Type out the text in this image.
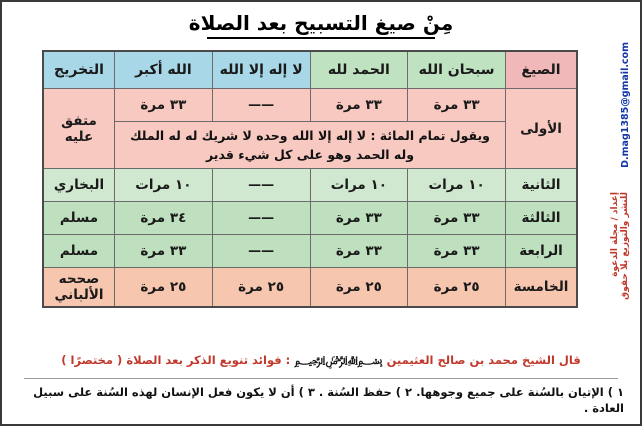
مِنْ صيغ التسبيح بعد الصلاة
D.mag1385@gmail.com
إعداد / مجلة الدعوة للنشر والتوزيع بلا حقوق
الصيغ	سبحان الله	الحمد لله	لا إله إلا الله	الله أكبر	التخريج
الأولى	٣٣ مرة	٣٣ مرة	——	٣٣ مرة	متفق عليه
	ويقول تمام المائة : لا إله إلا الله وحده لا شريك له له الملك وله الحمد وهو على كل شيء قدير				
الثانية	١٠ مرات	١٠ مرات	——	١٠ مرات	البخاري
الثالثة	٣٣ مرة	٣٣ مرة	——	٣٤ مرة	مسلم
الرابعة	٣٣ مرة	٣٣ مرة	——	٣٣ مرة	مسلم
الخامسة	٢٥ مرة	٢٥ مرة	٢٥ مرة	٢٥ مرة	صححه الألباني
قال الشيخ محمد بن صالح العثيمين ﷽ : فوائد تنويع الذكر بعد الصلاة ( مختصرًا )
١ ) الإتيان بالسُنة على جميع وجوهها. ٢ ) حفظ السُنة . ٣ ) أن لا يكون فعل الإنسان لهذه السُنة على سبيل العادة .
